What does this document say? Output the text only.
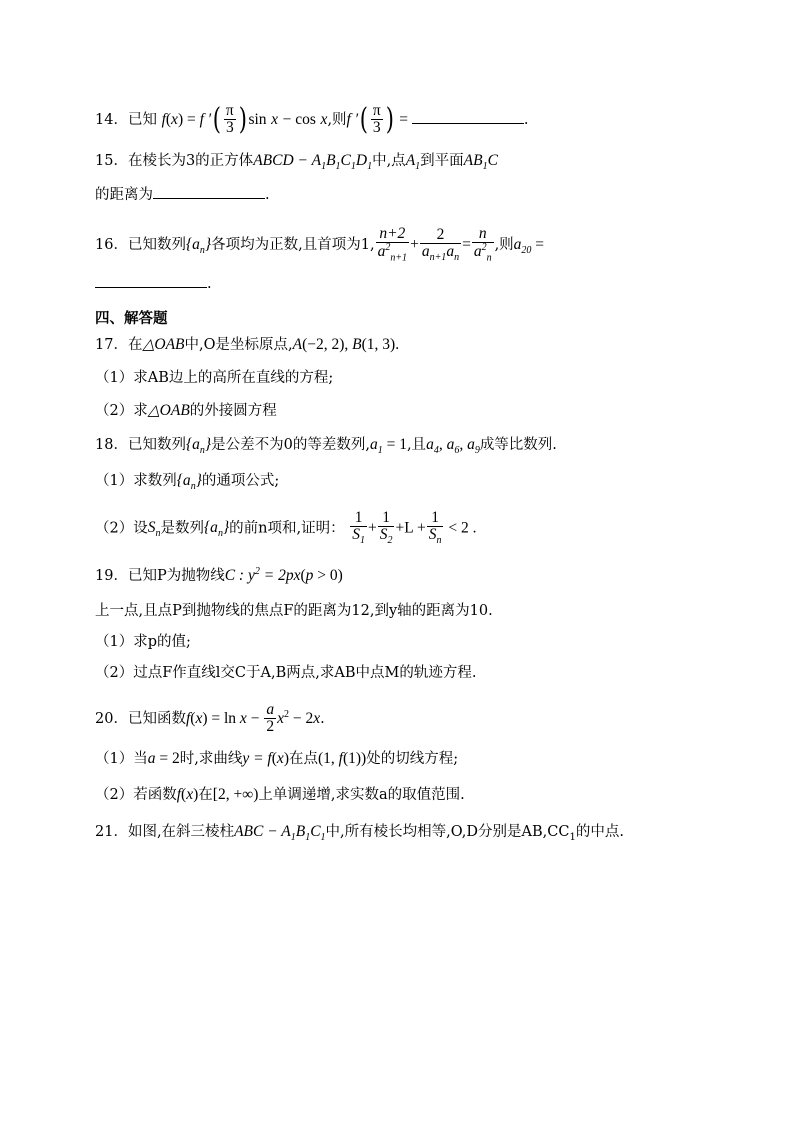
14．已知 f(x) = f ′( $\frac{\pi}{3}$ ) sin x − cos x,则f ′( $\frac{\pi}{3}$ ) =	.
15．在棱长为3的正方体ABCD − $A_1B_1C_1D_1$中,点$A_1$到平面$AB_1C$
的距离为	.
16．已知数列$\{a_n\}$各项均为正数,且首项为1, $\frac{n+2}{a^2_{n+1}} + \frac{2}{a_{n+1}a_n} = \frac{n}{a^2_n}$ ,则$a_{20}$ =
.
四、解答题
17．在△OAB中,O是坐标原点,A(−2, 2), B(1, 3).
（1）求AB边上的高所在直线的方程;
（2）求△OAB的外接圆方程
18．已知数列$\{a_n\}$是公差不为0的等差数列$,a_1 = 1$,且$a_4$, $a_6$, $a_9$成等比数列.
（1）求数列$\{a_n\}$的通项公式;
（2）设$S_n$是数列$\{a_n\}$的前n项和,证明： $\frac{1}{S_1} + \frac{1}{S_2} +L + \frac{1}{S_n} < 2$ .
19．已知P为抛物线C : $y^2 = 2px(p > 0)$
上一点,且点P到抛物线的焦点F的距离为12,到y轴的距离为10.
（1）求p的值;
（2）过点F作直线l交C于A,B两点,求AB中点M的轨迹方程.
20．已知函数$f(x) = \ln x - \frac{a}{2} x^2 - 2x$.
（1）当a = 2时,求曲线y = f(x)在点(1, f(1))处的切线方程;
（2）若函数f(x)在[2, +∞)上单调递增,求实数a的取值范围.
21．如图,在斜三棱柱ABC − $A_1B_1C_1$中,所有棱长均相等,O,D分别是$AB,CC_1$的中点.
